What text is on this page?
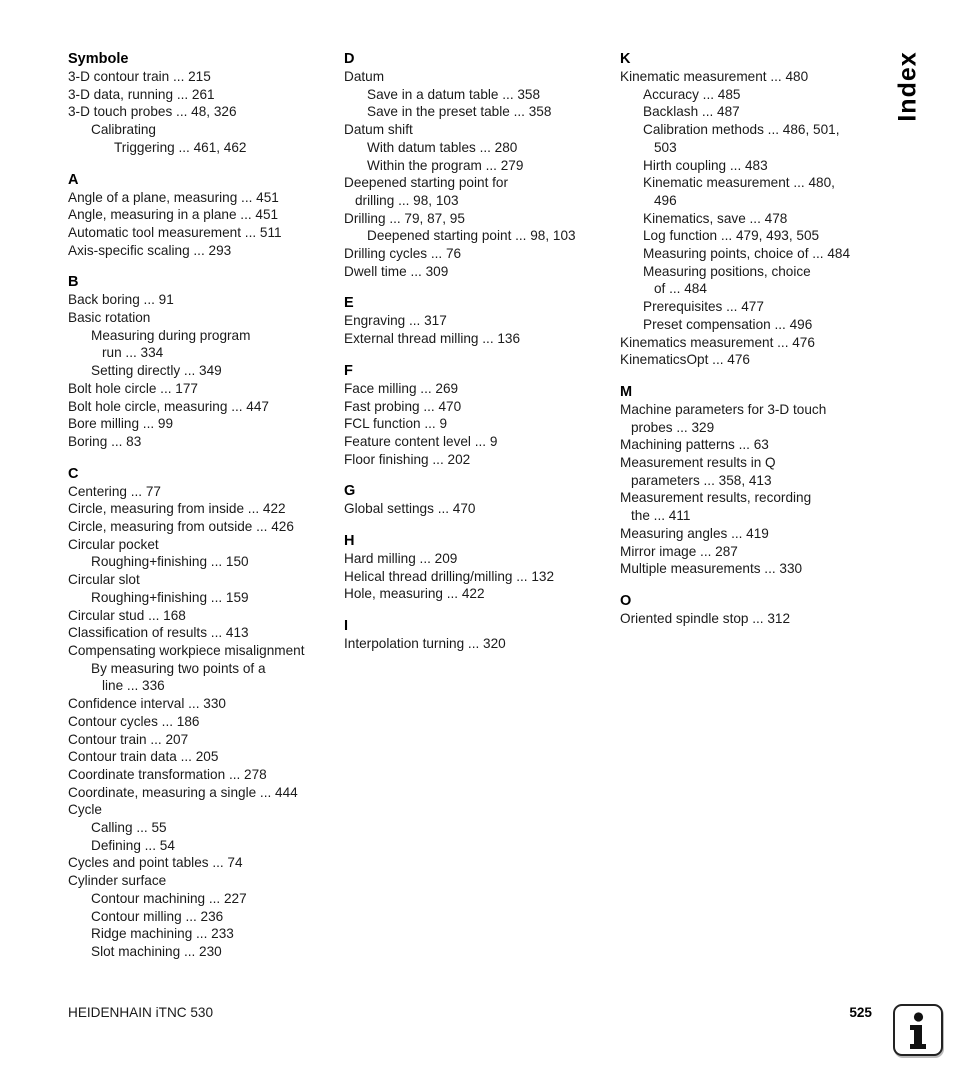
Symbole
3-D contour train ... 215
3-D data, running ... 261
3-D touch probes ... 48, 326
Calibrating
Triggering ... 461, 462
A
Angle of a plane, measuring ... 451
Angle, measuring in a plane ... 451
Automatic tool measurement ... 511
Axis-specific scaling ... 293
B
Back boring ... 91
Basic rotation
Measuring during program
run ... 334
Setting directly ... 349
Bolt hole circle ... 177
Bolt hole circle, measuring ... 447
Bore milling ... 99
Boring ... 83
C
Centering ... 77
Circle, measuring from inside ... 422
Circle, measuring from outside ... 426
Circular pocket
Roughing+finishing ... 150
Circular slot
Roughing+finishing ... 159
Circular stud ... 168
Classification of results ... 413
Compensating workpiece misalignment
By measuring two points of a
line ... 336
Confidence interval ... 330
Contour cycles ... 186
Contour train ... 207
Contour train data ... 205
Coordinate transformation ... 278
Coordinate, measuring a single ... 444
Cycle
Calling ... 55
Defining ... 54
Cycles and point tables ... 74
Cylinder surface
Contour machining ... 227
Contour milling ... 236
Ridge machining ... 233
Slot machining ... 230
D
Datum
Save in a datum table ... 358
Save in the preset table ... 358
Datum shift
With datum tables ... 280
Within the program ... 279
Deepened starting point for
drilling ... 98, 103
Drilling ... 79, 87, 95
Deepened starting point ... 98, 103
Drilling cycles ... 76
Dwell time ... 309
E
Engraving ... 317
External thread milling ... 136
F
Face milling ... 269
Fast probing ... 470
FCL function ... 9
Feature content level ... 9
Floor finishing ... 202
G
Global settings ... 470
H
Hard milling ... 209
Helical thread drilling/milling ... 132
Hole, measuring ... 422
I
Interpolation turning ... 320
K
Kinematic measurement ... 480
Accuracy ... 485
Backlash ... 487
Calibration methods ... 486, 501,
503
Hirth coupling ... 483
Kinematic measurement ... 480,
496
Kinematics, save ... 478
Log function ... 479, 493, 505
Measuring points, choice of ... 484
Measuring positions, choice
of ... 484
Prerequisites ... 477
Preset compensation ... 496
Kinematics measurement ... 476
KinematicsOpt ... 476
M
Machine parameters for 3-D touch
probes ... 329
Machining patterns ... 63
Measurement results in Q
parameters ... 358, 413
Measurement results, recording
the ... 411
Measuring angles ... 419
Mirror image ... 287
Multiple measurements ... 330
O
Oriented spindle stop ... 312
Index
HEIDENHAIN iTNC 530	525
